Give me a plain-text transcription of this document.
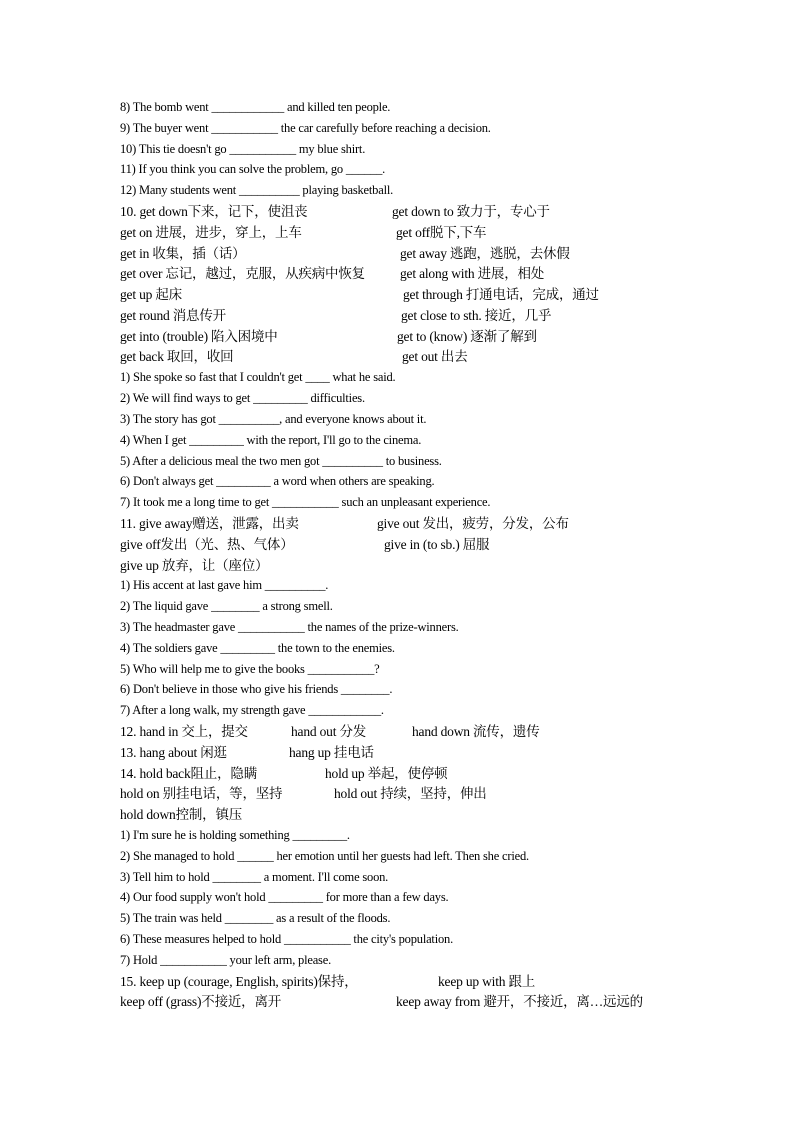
8) The bomb went ____________ and killed ten people.
9) The buyer went ___________ the car carefully before reaching a decision.
10) This tie doesn't go ___________ my blue shirt.
11) If you think you can solve the problem, go ______.
12) Many students went __________ playing basketball.
10. get down下来，记下，使沮丧	get down to 致力于，专心于
get on 进展，进步，穿上，上车	get off脱下,下车
get in 收集，插（话）	get away 逃跑，逃脱，去休假
get over 忘记，越过，克服，从疾病中恢复	get along with 进展，相处
get up 起床	get through 打通电话，完成，通过
get round 消息传开	get close to sth. 接近，几乎
get into (trouble) 陷入困境中	get to (know) 逐渐了解到
get back 取回，收回	get out 出去
1) She spoke so fast that I couldn't get ____ what he said.
2) We will find ways to get _________ difficulties.
3) The story has got __________, and everyone knows about it.
4) When I get _________ with the report, I'll go to the cinema.
5) After a delicious meal the two men got __________ to business.
6) Don't always get _________ a word when others are speaking.
7) It took me a long time to get ___________ such an unpleasant experience.
11. give away赠送，泄露，出卖	give out 发出，疲劳，分发，公布
give off发出（光、热、气体）	give in (to sb.) 屈服
give up 放弃，让（座位）
1) His accent at last gave him __________.
2) The liquid gave ________ a strong smell.
3) The headmaster gave ___________ the names of the prize-winners.
4) The soldiers gave _________ the town to the enemies.
5) Who will help me to give the books ___________?
6) Don't believe in those who give his friends ________.
7) After a long walk, my strength gave ____________.
12. hand in 交上，提交	hand out 分发	hand down 流传，遗传
13. hang about 闲逛	hang up 挂电话
14. hold back阻止，隐瞒	hold up 举起，使停顿
hold on 别挂电话，等，坚持	hold out 持续，坚持，伸出
hold down控制，镇压
1) I'm sure he is holding something _________.
2) She managed to hold ______ her emotion until her guests had left. Then she cried.
3) Tell him to hold ________ a moment. I'll come soon.
4) Our food supply won't hold _________ for more than a few days.
5) The train was held ________ as a result of the floods.
6) These measures helped to hold ___________ the city's population.
7) Hold ___________ your left arm, please.
15. keep up (courage, English, spirits)保持，	keep up with 跟上
keep off (grass)不接近，离开	keep away from 避开，不接近，离…远远的
